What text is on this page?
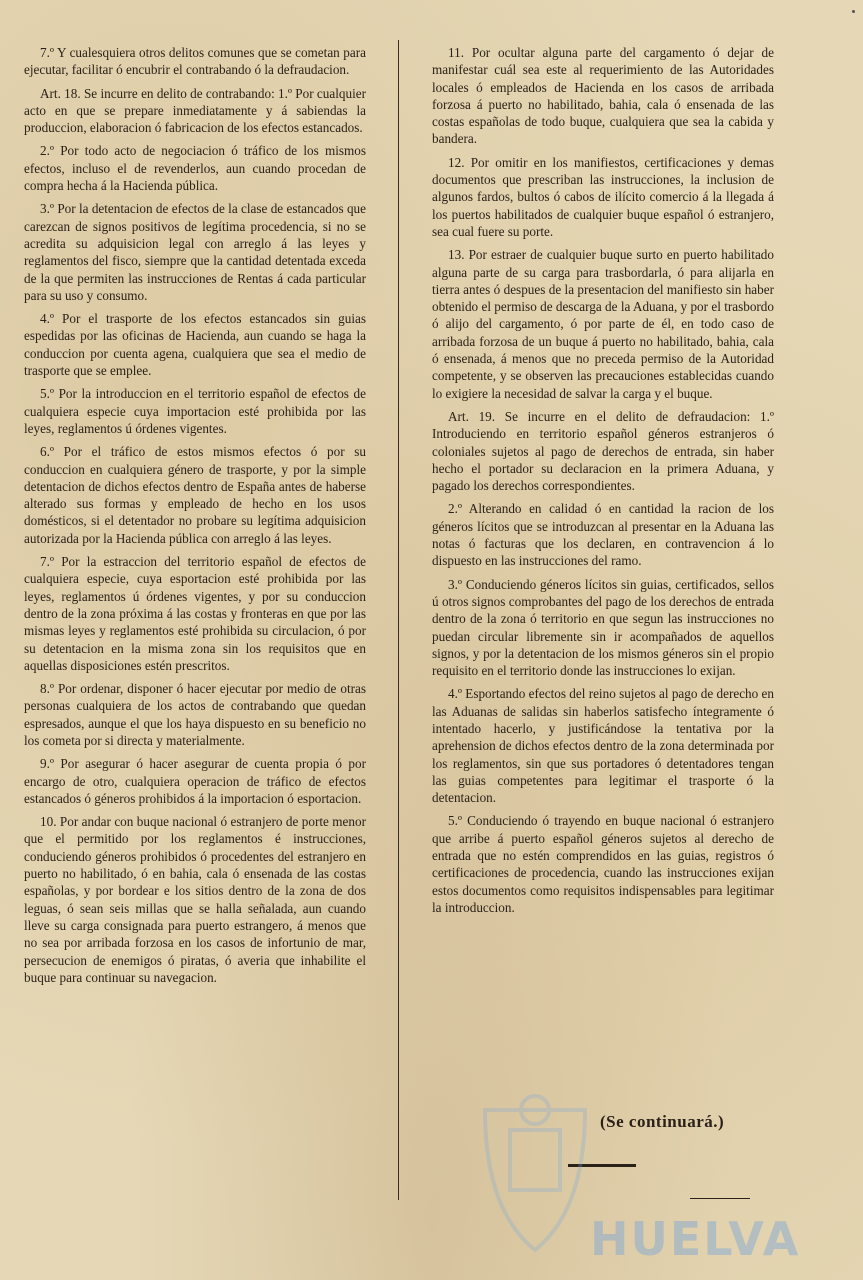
7.º Y cualesquiera otros delitos comunes que se cometan para ejecutar, facilitar ó encubrir el contrabando ó la defraudacion.

Art. 18. Se incurre en delito de contrabando: 1.º Por cualquier acto en que se prepare inmediatamente y á sabiendas la produccion, elaboracion ó fabricacion de los efectos estancados.

2.º Por todo acto de negociacion ó tráfico de los mismos efectos, incluso el de revenderlos, aun cuando procedan de compra hecha á la Hacienda pública.

3.º Por la detentacion de efectos de la clase de estancados que carezcan de signos positivos de legítima procedencia, si no se acredita su adquisicion legal con arreglo á las leyes y reglamentos del fisco, siempre que la cantidad detentada exceda de la que permiten las instrucciones de Rentas á cada particular para su uso y consumo.

4.º Por el trasporte de los efectos estancados sin guias espedidas por las oficinas de Hacienda, aun cuando se haga la conduccion por cuenta agena, cualquiera que sea el medio de trasporte que se emplee.

5.º Por la introduccion en el territorio español de efectos de cualquiera especie cuya importacion esté prohibida por las leyes, reglamentos ú órdenes vigentes.

6.º Por el tráfico de estos mismos efectos ó por su conduccion en cualquiera género de trasporte, y por la simple detentacion de dichos efectos dentro de España antes de haberse alterado sus formas y empleado de hecho en los usos domésticos, si el detentador no probare su legítima adquisicion autorizada por la Hacienda pública con arreglo á las leyes.

7.º Por la estraccion del territorio español de efectos de cualquiera especie, cuya esportacion esté prohibida por las leyes, reglamentos ú órdenes vigentes, y por su conduccion dentro de la zona próxima á las costas y fronteras en que por las mismas leyes y reglamentos esté prohibida su circulacion, ó por su detentacion en la misma zona sin los requisitos que en aquellas disposiciones estén prescritos.

8.º Por ordenar, disponer ó hacer ejecutar por medio de otras personas cualquiera de los actos de contrabando que quedan espresados, aunque el que los haya dispuesto en su beneficio no los cometa por si directa y materialmente.

9.º Por asegurar ó hacer asegurar de cuenta propia ó por encargo de otro, cualquiera operacion de tráfico de efectos estancados ó géneros prohibidos á la importacion ó esportacion.

10. Por andar con buque nacional ó estranjero de porte menor que el permitido por los reglamentos é instrucciones, conduciendo géneros prohibidos ó procedentes del estranjero en puerto no habilitado, ó en bahia, cala ó ensenada de las costas españolas, y por bordear e los sitios dentro de la zona de dos leguas, ó sean seis millas que se halla señalada, aun cuando lleve su carga consignada para puerto estrangero, á menos que no sea por arribada forzosa en los casos de infortunio de mar, persecucion de enemigos ó piratas, ó averia que inhabilite el buque para continuar su navegacion.

11. Por ocultar alguna parte del cargamento ó dejar de manifestar cuál sea este al requerimiento de las Autoridades locales ó empleados de Hacienda en los casos de arribada forzosa á puerto no habilitado, bahia, cala ó ensenada de las costas españolas de todo buque, cualquiera que sea la cabida y bandera.

12. Por omitir en los manifiestos, certificaciones y demas documentos que prescriban las instrucciones, la inclusion de algunos fardos, bultos ó cabos de ilícito comercio á la llegada á los puertos habilitados de cualquier buque español ó estranjero, sea cual fuere su porte.

13. Por estraer de cualquier buque surto en puerto habilitado alguna parte de su carga para trasbordarla, ó para alijarla en tierra antes ó despues de la presentacion del manifiesto sin haber obtenido el permiso de descarga de la Aduana, y por el trasbordo ó alijo del cargamento, ó por parte de él, en todo caso de arribada forzosa de un buque á puerto no habilitado, bahia, cala ó ensenada, á menos que no preceda permiso de la Autoridad competente, y se observen las precauciones establecidas cuando lo exigiere la necesidad de salvar la carga y el buque.

Art. 19. Se incurre en el delito de defraudacion: 1.º Introduciendo en territorio español géneros estranjeros ó coloniales sujetos al pago de derechos de entrada, sin haber hecho el portador su declaracion en la primera Aduana, y pagado los derechos correspondientes.

2.º Alterando en calidad ó en cantidad la racion de los géneros lícitos que se introduzcan al presentar en la Aduana las notas ó facturas que los declaren, en contravencion á lo dispuesto en las instrucciones del ramo.

3.º Conduciendo géneros lícitos sin guias, certificados, sellos ú otros signos comprobantes del pago de los derechos de entrada dentro de la zona ó territorio en que segun las instrucciones no puedan circular libremente sin ir acompañados de aquellos signos, y por la detentacion de los mismos géneros sin el propio requisito en el territorio donde las instrucciones lo exijan.

4.º Esportando efectos del reino sujetos al pago de derecho en las Aduanas de salidas sin haberlos satisfecho íntegramente ó intentado hacerlo, y justificándose la tentativa por la aprehension de dichos efectos dentro de la zona determinada por los reglamentos, sin que sus portadores ó detentadores tengan las guias competentes para legitimar el trasporte ó la detentacion.

5.º Conduciendo ó trayendo en buque nacional ó estranjero que arribe á puerto español géneros sujetos al derecho de entrada que no estén comprendidos en las guias, registros ó certificaciones de procedencia, cuando las instrucciones exijan estos documentos como requisitos indispensables para legitimar la introduccion.

(Se continuará.)
HUELVA
